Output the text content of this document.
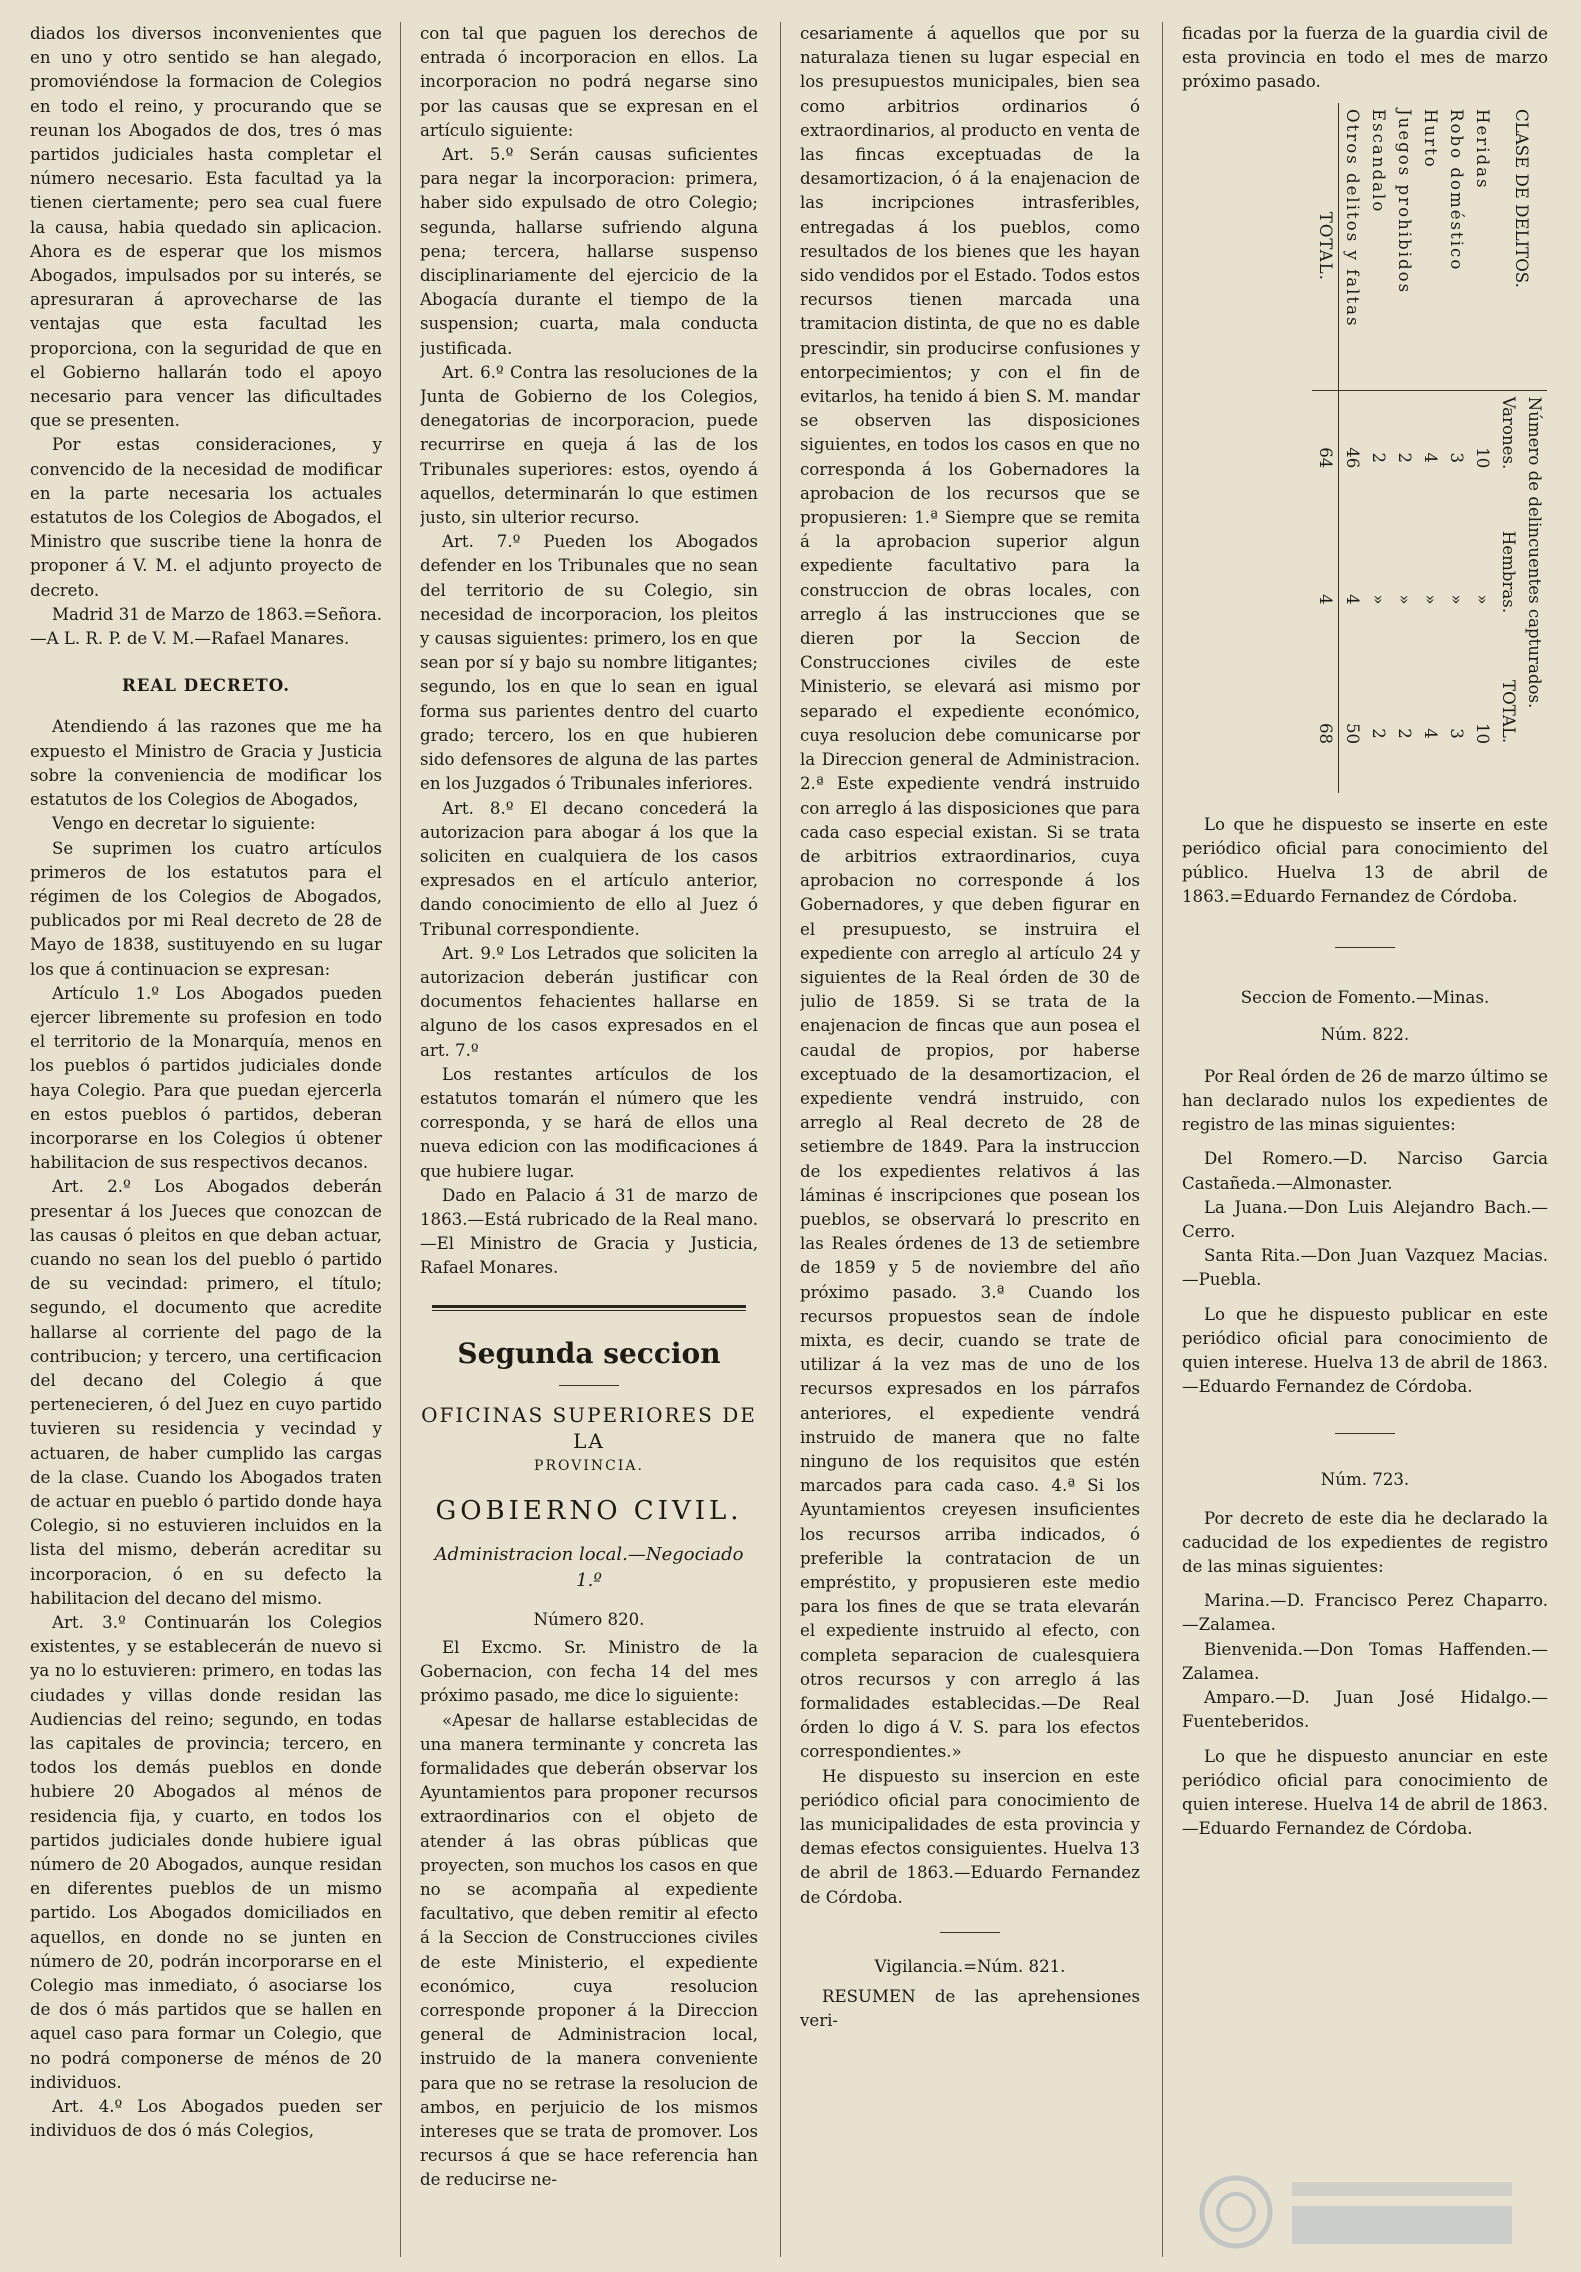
diados los diversos inconvenientes que en uno y otro sentido se han alegado, promoviéndose la formacion de Colegios en todo el reino, y procurando que se reunan los Abogados de dos, tres ó mas partidos judiciales hasta completar el número necesario. Esta facultad ya la tienen ciertamente; pero sea cual fuere la causa, habia quedado sin aplicacion. Ahora es de esperar que los mismos Abogados, impulsados por su interés, se apresuraran á aprovecharse de las ventajas que esta facultad les proporciona, con la seguridad de que en el Gobierno hallarán todo el apoyo necesario para vencer las dificultades que se presenten.

Por estas consideraciones, y convencido de la necesidad de modificar en la parte necesaria los actuales estatutos de los Colegios de Abogados, el Ministro que suscribe tiene la honra de proponer á V. M. el adjunto proyecto de decreto.

Madrid 31 de Marzo de 1863.=Señora.—A L. R. P. de V. M.—Rafael Manares.

REAL DECRETO.

Atendiendo á las razones que me ha expuesto el Ministro de Gracia y Justicia sobre la conveniencia de modificar los estatutos de los Colegios de Abogados,

Vengo en decretar lo siguiente:

Se suprimen los cuatro artículos primeros de los estatutos para el régimen de los Colegios de Abogados, publicados por mi Real decreto de 28 de Mayo de 1838, sustituyendo en su lugar los que á continuacion se expresan:

Artículo 1.º Los Abogados pueden ejercer libremente su profesion en todo el territorio de la Monarquía, menos en los pueblos ó partidos judiciales donde haya Colegio. Para que puedan ejercerla en estos pueblos ó partidos, deberan incorporarse en los Colegios ú obtener habilitacion de sus respectivos decanos.

Art. 2.º Los Abogados deberán presentar á los Jueces que conozcan de las causas ó pleitos en que deban actuar, cuando no sean los del pueblo ó partido de su vecindad: primero, el título; segundo, el documento que acredite hallarse al corriente del pago de la contribucion; y tercero, una certificacion del decano del Colegio á que pertenecieren, ó del Juez en cuyo partido tuvieren su residencia y vecindad y actuaren, de haber cumplido las cargas de la clase. Cuando los Abogados traten de actuar en pueblo ó partido donde haya Colegio, si no estuvieren incluidos en la lista del mismo, deberán acreditar su incorporacion, ó en su defecto la habilitacion del decano del mismo.

Art. 3.º Continuarán los Colegios existentes, y se establecerán de nuevo si ya no lo estuvieren: primero, en todas las ciudades y villas donde residan las Audiencias del reino; segundo, en todas las capitales de provincia; tercero, en todos los demás pueblos en donde hubiere 20 Abogados al ménos de residencia fija, y cuarto, en todos los partidos judiciales donde hubiere igual número de 20 Abogados, aunque residan en diferentes pueblos de un mismo partido. Los Abogados domiciliados en aquellos, en donde no se junten en número de 20, podrán incorporarse en el Colegio mas inmediato, ó asociarse los de dos ó más partidos que se hallen en aquel caso para formar un Colegio, que no podrá componerse de ménos de 20 individuos.

Art. 4.º Los Abogados pueden ser individuos de dos ó más Colegios,

con tal que paguen los derechos de entrada ó incorporacion en ellos. La incorporacion no podrá negarse sino por las causas que se expresan en el artículo siguiente:

Art. 5.º Serán causas suficientes para negar la incorporacion: primera, haber sido expulsado de otro Colegio; segunda, hallarse sufriendo alguna pena; tercera, hallarse suspenso disciplinariamente del ejercicio de la Abogacía durante el tiempo de la suspension; cuarta, mala conducta justificada.

Art. 6.º Contra las resoluciones de la Junta de Gobierno de los Colegios, denegatorias de incorporacion, puede recurrirse en queja á las de los Tribunales superiores: estos, oyendo á aquellos, determinarán lo que estimen justo, sin ulterior recurso.

Art. 7.º Pueden los Abogados defender en los Tribunales que no sean del territorio de su Colegio, sin necesidad de incorporacion, los pleitos y causas siguientes: primero, los en que sean por sí y bajo su nombre litigantes; segundo, los en que lo sean en igual forma sus parientes dentro del cuarto grado; tercero, los en que hubieren sido defensores de alguna de las partes en los Juzgados ó Tribunales inferiores.

Art. 8.º El decano concederá la autorizacion para abogar á los que la soliciten en cualquiera de los casos expresados en el artículo anterior, dando conocimiento de ello al Juez ó Tribunal correspondiente.

Art. 9.º Los Letrados que soliciten la autorizacion deberán justificar con documentos fehacientes hallarse en alguno de los casos expresados en el art. 7.º

Los restantes artículos de los estatutos tomarán el número que les corresponda, y se hará de ellos una nueva edicion con las modificaciones á que hubiere lugar.

Dado en Palacio á 31 de marzo de 1863.—Está rubricado de la Real mano.—El Ministro de Gracia y Justicia, Rafael Monares.

Segunda seccion
OFICINAS SUPERIORES DE LA
PROVINCIA.
GOBIERNO CIVIL.
Administracion local.—Negociado 1.º
Número 820.

El Excmo. Sr. Ministro de la Gobernacion, con fecha 14 del mes próximo pasado, me dice lo siguiente:

«Apesar de hallarse establecidas de una manera terminante y concreta las formalidades que deberán observar los Ayuntamientos para proponer recursos extraordinarios con el objeto de atender á las obras públicas que proyecten, son muchos los casos en que no se acompaña al expediente facultativo, que deben remitir al efecto á la Seccion de Construcciones civiles de este Ministerio, el expediente económico, cuya resolucion corresponde proponer á la Direccion general de Administracion local, instruido de la manera conveniente para que no se retrase la resolucion de ambos, en perjuicio de los mismos intereses que se trata de promover. Los recursos á que se hace referencia han de reducirse ne-

cesariamente á aquellos que por su naturalaza tienen su lugar especial en los presupuestos municipales, bien sea como arbitrios ordinarios ó extraordinarios, al producto en venta de las fincas exceptuadas de la desamortizacion, ó á la enajenacion de las incripciones intrasferibles, entregadas á los pueblos, como resultados de los bienes que les hayan sido vendidos por el Estado. Todos estos recursos tienen marcada una tramitacion distinta, de que no es dable prescindir, sin producirse confusiones y entorpecimientos; y con el fin de evitarlos, ha tenido á bien S. M. mandar se observen las disposiciones siguientes, en todos los casos en que no corresponda á los Gobernadores la aprobacion de los recursos que se propusieren: 1.ª Siempre que se remita á la aprobacion superior algun expediente facultativo para la construccion de obras locales, con arreglo á las instrucciones que se dieren por la Seccion de Construcciones civiles de este Ministerio, se elevará asi mismo por separado el expediente económico, cuya resolucion debe comunicarse por la Direccion general de Administracion. 2.ª Este expediente vendrá instruido con arreglo á las disposiciones que para cada caso especial existan. Si se trata de arbitrios extraordinarios, cuya aprobacion no corresponde á los Gobernadores, y que deben figurar en el presupuesto, se instruira el expediente con arreglo al artículo 24 y siguientes de la Real órden de 30 de julio de 1859. Si se trata de la enajenacion de fincas que aun posea el caudal de propios, por haberse exceptuado de la desamortizacion, el expediente vendrá instruido, con arreglo al Real decreto de 28 de setiembre de 1849. Para la instruccion de los expedientes relativos á las láminas é inscripciones que posean los pueblos, se observará lo prescrito en las Reales órdenes de 13 de setiembre de 1859 y 5 de noviembre del año próximo pasado. 3.ª Cuando los recursos propuestos sean de índole mixta, es decir, cuando se trate de utilizar á la vez mas de uno de los recursos expresados en los párrafos anteriores, el expediente vendrá instruido de manera que no falte ninguno de los requisitos que estén marcados para cada caso. 4.ª Si los Ayuntamientos creyesen insuficientes los recursos arriba indicados, ó preferible la contratacion de un empréstito, y propusieren este medio para los fines de que se trata elevarán el expediente instruido al efecto, con completa separacion de cualesquiera otros recursos y con arreglo á las formalidades establecidas.—De Real órden lo digo á V. S. para los efectos correspondientes.»

He dispuesto su insercion en este periódico oficial para conocimiento de las municipalidades de esta provincia y demas efectos consiguientes. Huelva 13 de abril de 1863.—Eduardo Fernandez de Córdoba.

Vigilancia.=Núm. 821.

RESUMEN de las aprehensiones veri-

ficadas por la fuerza de la guardia civil de esta provincia en todo el mes de marzo próximo pasado.

CLASE DE DELITOS.	Número de delincuentes capturados.		
	Varones.	Hembras.	TOTAL.
Heridas	10	»	10
Robo doméstico	3	»	3
Hurto	4	»	4
Juegos prohibidos	2	»	2
Escandalo	2	»	2
Otros delitos y faltas	46	4	50
TOTAL.	64	4	68

Lo que he dispuesto se inserte en este periódico oficial para conocimiento del público. Huelva 13 de abril de 1863.=Eduardo Fernandez de Córdoba.

Seccion de Fomento.—Minas.
Núm. 822.

Por Real órden de 26 de marzo último se han declarado nulos los expedientes de registro de las minas siguientes:

Del Romero.—D. Narciso Garcia Castañeda.—Almonaster.

La Juana.—Don Luis Alejandro Bach.—Cerro.

Santa Rita.—Don Juan Vazquez Macias.—Puebla.

Lo que he dispuesto publicar en este periódico oficial para conocimiento de quien interese. Huelva 13 de abril de 1863.—Eduardo Fernandez de Córdoba.

Núm. 723.

Por decreto de este dia he declarado la caducidad de los expedientes de registro de las minas siguientes:

Marina.—D. Francisco Perez Chaparro.—Zalamea.

Bienvenida.—Don Tomas Haffenden.—Zalamea.

Amparo.—D. Juan José Hidalgo.—Fuenteberidos.

Lo que he dispuesto anunciar en este periódico oficial para conocimiento de quien interese. Huelva 14 de abril de 1863.—Eduardo Fernandez de Córdoba.
